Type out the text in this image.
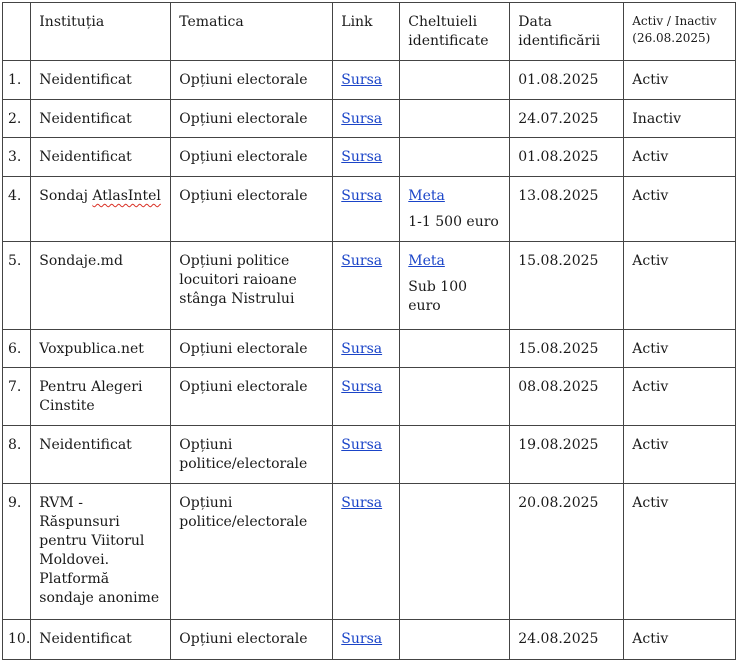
	Instituția	Tematica	Link	Cheltuieli identificate	Data identificării	Activ / Inactiv (26.08.2025)

1.	Neidentificat	Opțiuni electorale	Sursa		01.08.2025	Activ

2.	Neidentificat	Opțiuni electorale	Sursa		24.07.2025	Inactiv

3.	Neidentificat	Opțiuni electorale	Sursa		01.08.2025	Activ

4.	Sondaj AtlasIntel	Opțiuni electorale	Sursa	Meta
1-1 500 euro	13.08.2025	Activ

5.	Sondaje.md	Opțiuni politice locuitori raioane stânga Nistrului	Sursa	Meta
Sub 100 euro	15.08.2025	Activ

6.	Voxpublica.net	Opțiuni electorale	Sursa		15.08.2025	Activ

7.	Pentru Alegeri Cinstite	Opțiuni electorale	Sursa		08.08.2025	Activ

8.	Neidentificat	Opțiuni politice/electorale	Sursa		19.08.2025	Activ

9.	RVM - Răspunsuri pentru Viitorul Moldovei. Platformă sondaje anonime	Opțiuni politice/electorale	Sursa		20.08.2025	Activ

10.	Neidentificat	Opțiuni electorale	Sursa		24.08.2025	Activ
